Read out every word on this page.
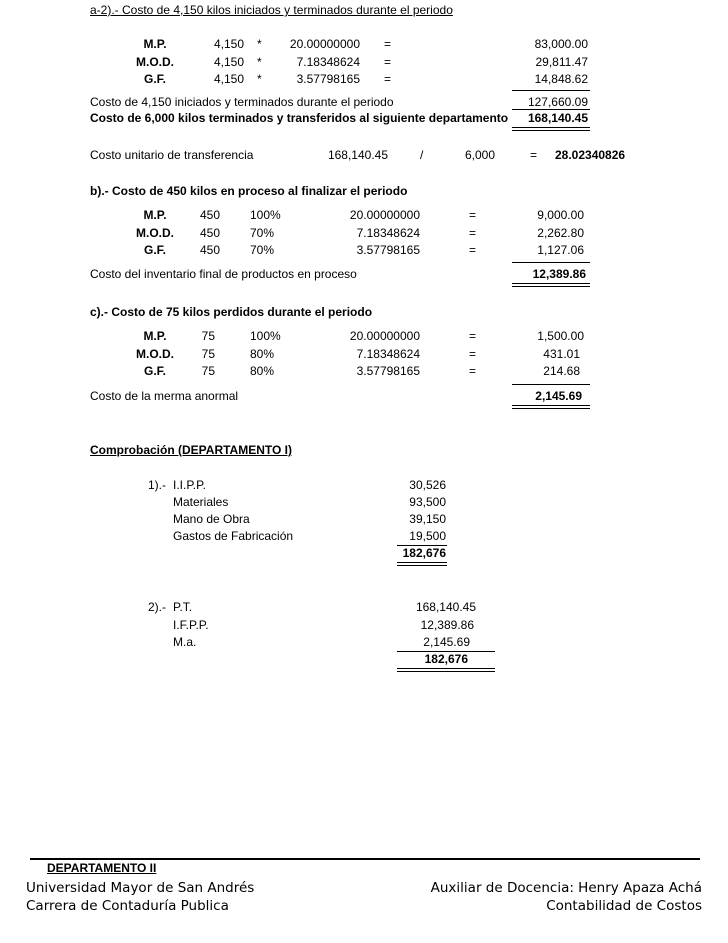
a-2).- Costo de 4,150 kilos iniciados y terminados durante el periodo
M.P.	4,150 *	20.00000000 =	83,000.00
M.O.D.	4,150 *	7.18348624 =	29,811.47
G.F.	4,150 *	3.57798165 =	14,848.62
Costo de 4,150 iniciados y terminados durante el periodo	127,660.09
Costo de 6,000 kilos terminados y transferidos al siguiente departamento	168,140.45
Costo unitario de transferencia	168,140.45	/	6,000	= 28.02340826
b).- Costo de 450 kilos en proceso al finalizar el periodo
M.P.	450	100%	20.00000000	=	9,000.00
M.O.D.	450	70%	7.18348624	=	2,262.80
G.F.	450	70%	3.57798165	=	1,127.06
Costo del inventario final de productos en proceso	12,389.86
c).- Costo de 75 kilos perdidos durante el periodo
M.P.	75	100%	20.00000000	=	1,500.00
M.O.D.	75	80%	7.18348624	=	431.01
G.F.	75	80%	3.57798165	=	214.68
Costo de la merma anormal	2,145.69
Comprobación (DEPARTAMENTO I)
1).- I.I.P.P.	30,526
Materiales	93,500
Mano de Obra	39,150
Gastos de Fabricación	19,500
182,676
2).- P.T.	168,140.45
I.F.P.P.	12,389.86
M.a.	2,145.69
182,676
DEPARTAMENTO II
Universidad Mayor de San Andrés
Carrera de Contaduría Publica
Auxiliar de Docencia: Henry Apaza Achá
Contabilidad de Costos
